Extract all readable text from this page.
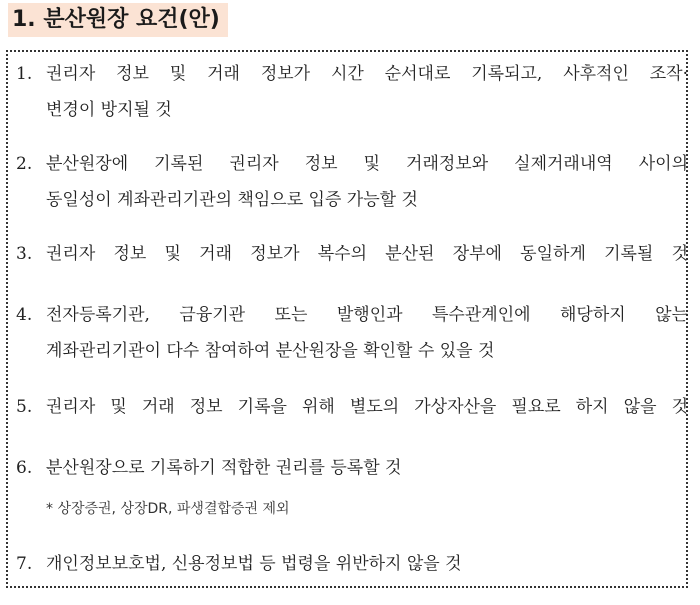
1. 분산원장 요건(안)
1. 권리자 정보 및 거래 정보가 시간 순서대로 기록되고, 사후적인 조작·
변경이 방지될 것
2. 분산원장에 기록된 권리자 정보 및 거래정보와 실제거래내역 사이의
동일성이 계좌관리기관의 책임으로 입증 가능할 것
3. 권리자 정보 및 거래 정보가 복수의 분산된 장부에 동일하게 기록될 것
4. 전자등록기관, 금융기관 또는 발행인과 특수관계인에 해당하지 않는
계좌관리기관이 다수 참여하여 분산원장을 확인할 수 있을 것
5. 권리자 및 거래 정보 기록을 위해 별도의 가상자산을 필요로 하지 않을 것
6. 분산원장으로 기록하기 적합한 권리를 등록할 것
* 상장증권, 상장DR, 파생결합증권 제외
7. 개인정보보호법, 신용정보법 등 법령을 위반하지 않을 것
